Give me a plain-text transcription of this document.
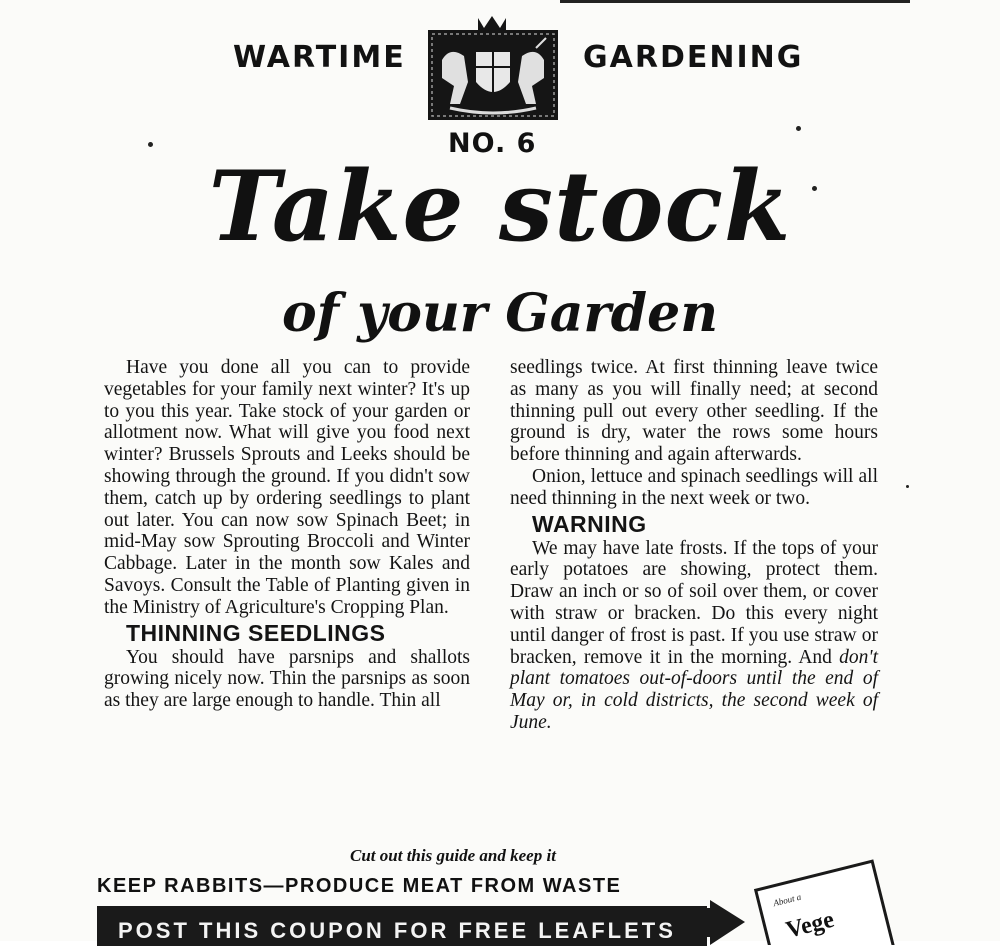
WARTIME	GARDENING
NO. 6
Take stock
of your Garden

Have you done all you can to provide vegetables for your family next winter? It's up to you this year. Take stock of your garden or allotment now. What will give you food next winter? Brussels Sprouts and Leeks should be showing through the ground. If you didn't sow them, catch up by ordering seedlings to plant out later. You can now sow Spinach Beet; in mid-May sow Sprouting Broccoli and Winter Cabbage. Later in the month sow Kales and Savoys. Consult the Table of Planting given in the Ministry of Agriculture's Cropping Plan.

THINNING SEEDLINGS

You should have parsnips and shallots growing nicely now. Thin the parsnips as soon as they are large enough to handle. Thin all

seedlings twice. At first thinning leave twice as many as you will finally need; at second thinning pull out every other seedling. If the ground is dry, water the rows some hours before thinning and again afterwards.

Onion, lettuce and spinach seedlings will all need thinning in the next week or two.

WARNING

We may have late frosts. If the tops of your early potatoes are showing, protect them. Draw an inch or so of soil over them, or cover with straw or bracken. Do this every night until danger of frost is past. If you use straw or bracken, remove it in the morning. And don't plant tomatoes out-of-doors until the end of May or, in cold districts, the second week of June.

Cut out this guide and keep it
KEEP RABBITS—PRODUCE MEAT FROM WASTE
POST THIS COUPON FOR FREE LEAFLETS
About a
Vege
